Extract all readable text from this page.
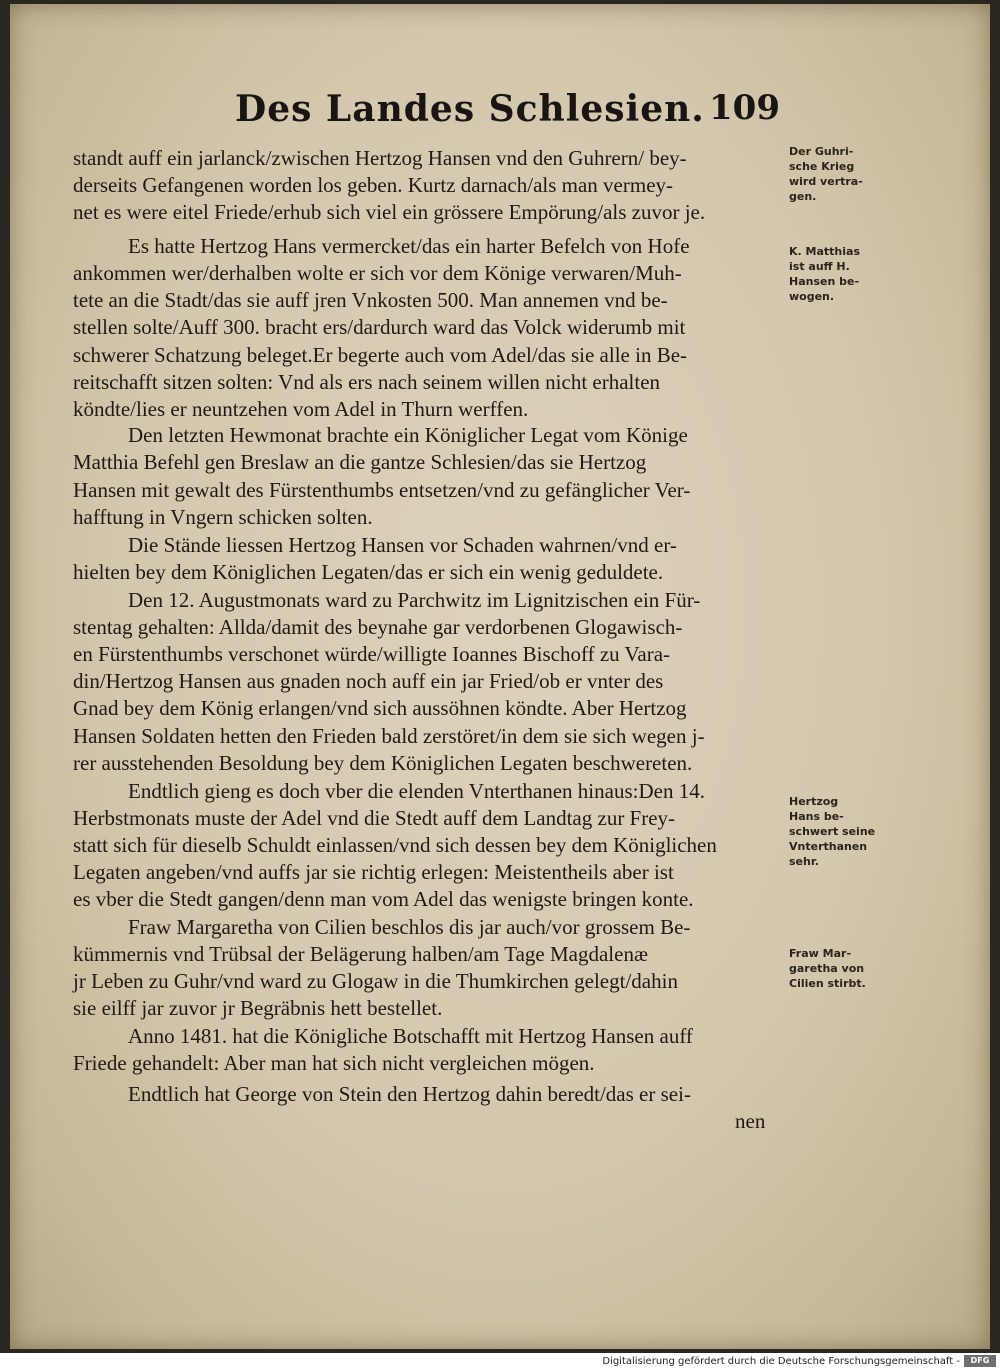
Des Landes Schlesien. 109
standt auff ein jarlanck/zwischen Hertzog Hansen vnd den Guhrern/ bey-
derseits Gefangenen worden los geben. Kurtz darnach/als man vermey-
net es were eitel Friede/erhub sich viel ein grössere Empörung/als zuvor je.
Es hatte Hertzog Hans vermercket/das ein harter Befelch von Hofe
ankommen wer/derhalben wolte er sich vor dem Könige verwaren/Muh-
tete an die Stadt/das sie auff jren Vnkosten 500. Man annemen vnd be-
stellen solte/Auff 300. bracht ers/dardurch ward das Volck widerumb mit
schwerer Schatzung beleget.Er begerte auch vom Adel/das sie alle in Be-
reitschafft sitzen solten: Vnd als ers nach seinem willen nicht erhalten
köndte/lies er neuntzehen vom Adel in Thurn werffen.
Den letzten Hewmonat brachte ein Königlicher Legat vom Könige
Matthia Befehl gen Breslaw an die gantze Schlesien/das sie Hertzog
Hansen mit gewalt des Fürstenthumbs entsetzen/vnd zu gefänglicher Ver-
hafftung in Vngern schicken solten.
Die Stände liessen Hertzog Hansen vor Schaden wahrnen/vnd er-
hielten bey dem Königlichen Legaten/das er sich ein wenig geduldete.
Den 12. Augustmonats ward zu Parchwitz im Lignitzischen ein Für-
stentag gehalten: Allda/damit des beynahe gar verdorbenen Glogawisch-
en Fürstenthumbs verschonet würde/willigte Ioannes Bischoff zu Vara-
din/Hertzog Hansen aus gnaden noch auff ein jar Fried/ob er vnter des
Gnad bey dem König erlangen/vnd sich aussöhnen köndte. Aber Hertzog
Hansen Soldaten hetten den Frieden bald zerstöret/in dem sie sich wegen j-
rer ausstehenden Besoldung bey dem Königlichen Legaten beschwereten.
Endtlich gieng es doch vber die elenden Vnterthanen hinaus:Den 14.
Herbstmonats muste der Adel vnd die Stedt auff dem Landtag zur Frey-
statt sich für dieselb Schuldt einlassen/vnd sich dessen bey dem Königlichen
Legaten angeben/vnd auffs jar sie richtig erlegen: Meistentheils aber ist
es vber die Stedt gangen/denn man vom Adel das wenigste bringen konte.
Fraw Margaretha von Cilien beschlos dis jar auch/vor grossem Be-
kümmernis vnd Trübsal der Belägerung halben/am Tage Magdalenæ
jr Leben zu Guhr/vnd ward zu Glogaw in die Thumkirchen gelegt/dahin
sie eilff jar zuvor jr Begräbnis hett bestellet.
Anno 1481. hat die Königliche Botschafft mit Hertzog Hansen auff
Friede gehandelt: Aber man hat sich nicht vergleichen mögen.
Endtlich hat George von Stein den Hertzog dahin beredt/das er sei-
nen
Der Guhri-
sche Krieg
wird vertra-
gen.
K. Matthias
ist auff H.
Hansen be-
wogen.
Hertzog
Hans be-
schwert seine
Vnterthanen
sehr.
Fraw Mar-
garetha von
Cilien stirbt.
Digitalisierung gefördert durch die Deutsche Forschungsgemeinschaft -	DFG
